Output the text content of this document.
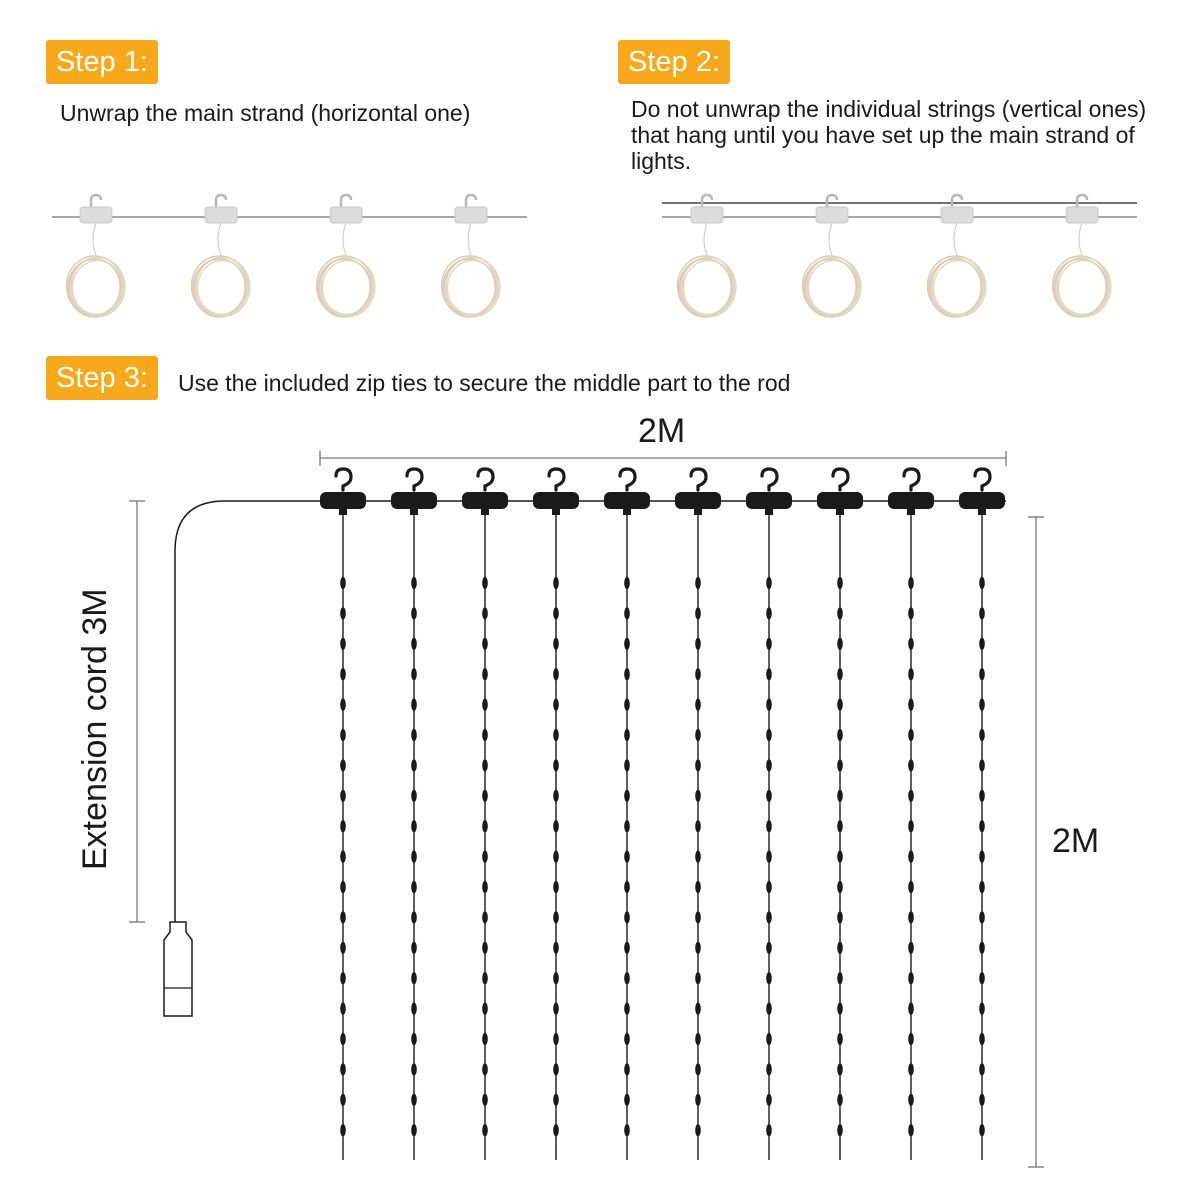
Step 1:
Unwrap the main strand (horizontal one)
Step 2:
Do not unwrap the individual strings (vertical ones) that hang until you have set up the main strand of lights.
Step 3:	Use the included zip ties to secure the middle part to the rod
2M
2M
Extension cord 3M
